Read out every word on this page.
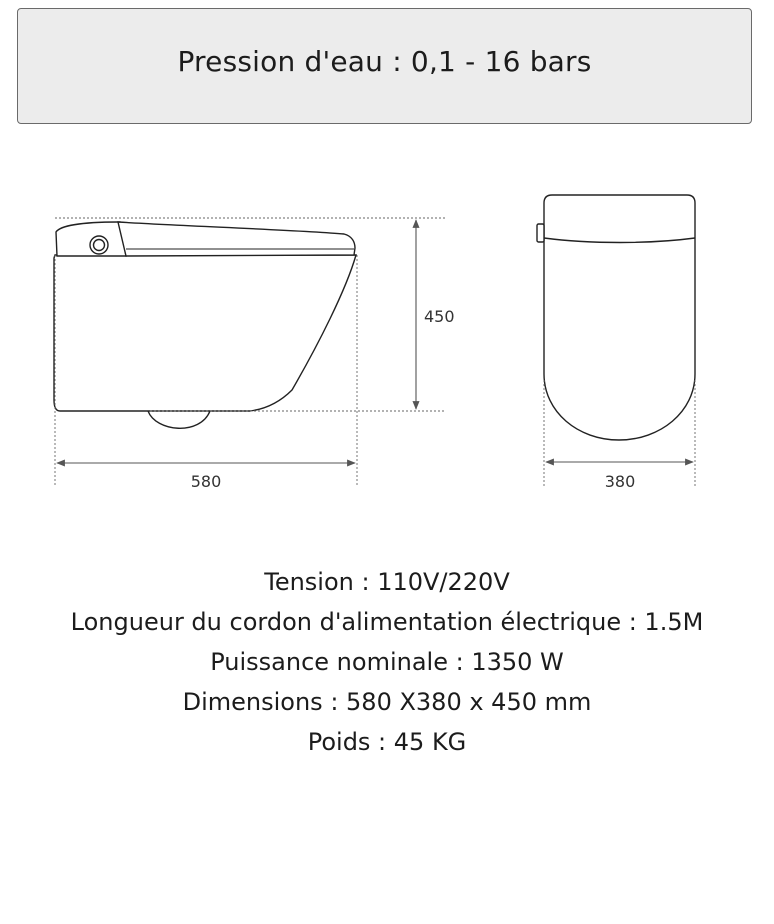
Pression d'eau : 0,1 - 16 bars
450
580	380
Tension : 110V/220V
Longueur du cordon d'alimentation électrique : 1.5M
Puissance nominale : 1350 W
Dimensions : 580 X380 x 450 mm
Poids : 45 KG
